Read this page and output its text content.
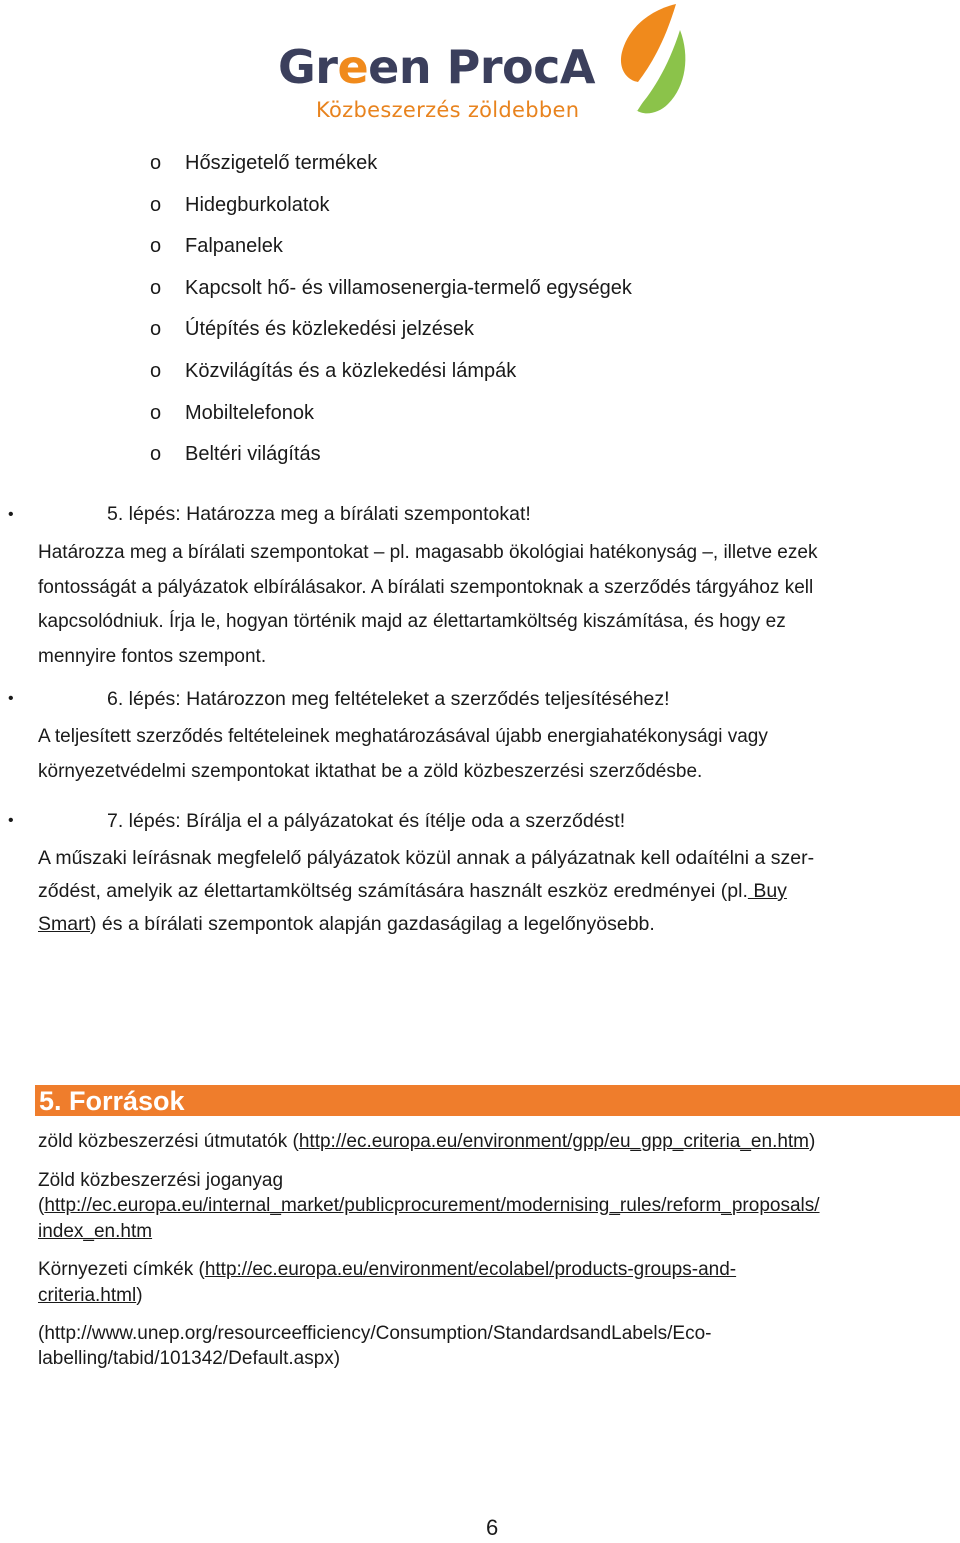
Green ProcA
Közbeszerzés zöldebben
o Hőszigetelő termékek
o Hidegburkolatok
o Falpanelek
o Kapcsolt hő- és villamosenergia-termelő egységek
o Útépítés és közlekedési jelzések
o Közvilágítás és a közlekedési lámpák
o Mobiltelefonok
o Beltéri világítás
•	5. lépés: Határozza meg a bírálati szempontokat!
Határozza meg a bírálati szempontokat – pl. magasabb ökológiai hatékonyság –, illetve ezek
fontosságát a pályázatok elbírálásakor. A bírálati szempontoknak a szerződés tárgyához kell
kapcsolódniuk. Írja le, hogyan történik majd az élettartamköltség kiszámítása, és hogy ez
mennyire fontos szempont.
•	6. lépés: Határozzon meg feltételeket a szerződés teljesítéséhez!
A teljesített szerződés feltételeinek meghatározásával újabb energiahatékonysági vagy
környezetvédelmi szempontokat iktathat be a zöld közbeszerzési szerződésbe.
•	7. lépés: Bírálja el a pályázatokat és ítélje oda a szerződést!
A műszaki leírásnak megfelelő pályázatok közül annak a pályázatnak kell odaítélni a szer-
ződést, amelyik az élettartamköltség számítására használt eszköz eredményei (pl. Buy
Smart) és a bírálati szempontok alapján gazdaságilag a legelőnyösebb.
5. Források
zöld közbeszerzési útmutatók (http://ec.europa.eu/environment/gpp/eu_gpp_criteria_en.htm)
Zöld közbeszerzési joganyag
(http://ec.europa.eu/internal_market/publicprocurement/modernising_rules/reform_proposals/
index_en.htm
Környezeti címkék (http://ec.europa.eu/environment/ecolabel/products-groups-and-
criteria.html)
(http://www.unep.org/resourceefficiency/Consumption/StandardsandLabels/Eco-
labelling/tabid/101342/Default.aspx)
6
